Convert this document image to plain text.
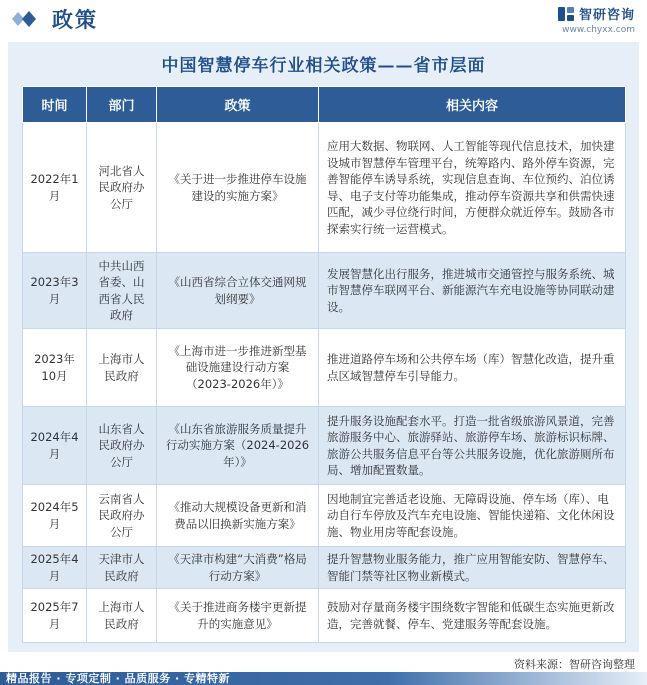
政策	智研咨询
www.chyxx.com
中国智慧停车行业相关政策——省市层面
时间	部门	政策	相关内容
2022年1月	河北省人民政府办公厅	《关于进一步推进停车设施建设的实施方案》	应用大数据、物联网、人工智能等现代信息技术，加快建设城市智慧停车管理平台，统筹路内、路外停车资源，完善智能停车诱导系统，实现信息查询、车位预约、泊位诱导、电子支付等功能集成，推动停车资源共享和供需快速匹配，减少寻位绕行时间，方便群众就近停车。鼓励各市探索实行统一运营模式。
2023年3月	中共山西省委、山西省人民政府	《山西省综合立体交通网规划纲要》	发展智慧化出行服务，推进城市交通管控与服务系统、城市智慧停车联网平台、新能源汽车充电设施等协同联动建设。
2023年10月	上海市人民政府	《上海市进一步推进新型基础设施建设行动方案（2023-2026年）》	推进道路停车场和公共停车场（库）智慧化改造，提升重点区域智慧停车引导能力。
2024年4月	山东省人民政府办公厅	《山东省旅游服务质量提升行动实施方案（2024-2026年）》	提升服务设施配套水平。打造一批省级旅游风景道，完善旅游服务中心、旅游驿站、旅游停车场、旅游标识标牌、旅游公共服务信息平台等公共服务设施，优化旅游厕所布局、增加配置数量。
2024年5月	云南省人民政府办公厅	《推动大规模设备更新和消费品以旧换新实施方案》	因地制宜完善适老设施、无障碍设施、停车场（库）、电动自行车停放及汽车充电设施、智能快递箱、文化休闲设施、物业用房等配套设施。
2025年4月	天津市人民政府	《天津市构建“大消费”格局行动方案》	提升智慧物业服务能力，推广应用智能安防、智慧停车、智能门禁等社区物业新模式。
2025年7月	上海市人民政府	《关于推进商务楼宇更新提升的实施意见》	鼓励对存量商务楼宇围绕数字智能和低碳生态实施更新改造，完善就餐、停车、党建服务等配套设施。
资料来源：智研咨询整理
精品报告 · 专项定制 · 品质服务 · 专精特新
